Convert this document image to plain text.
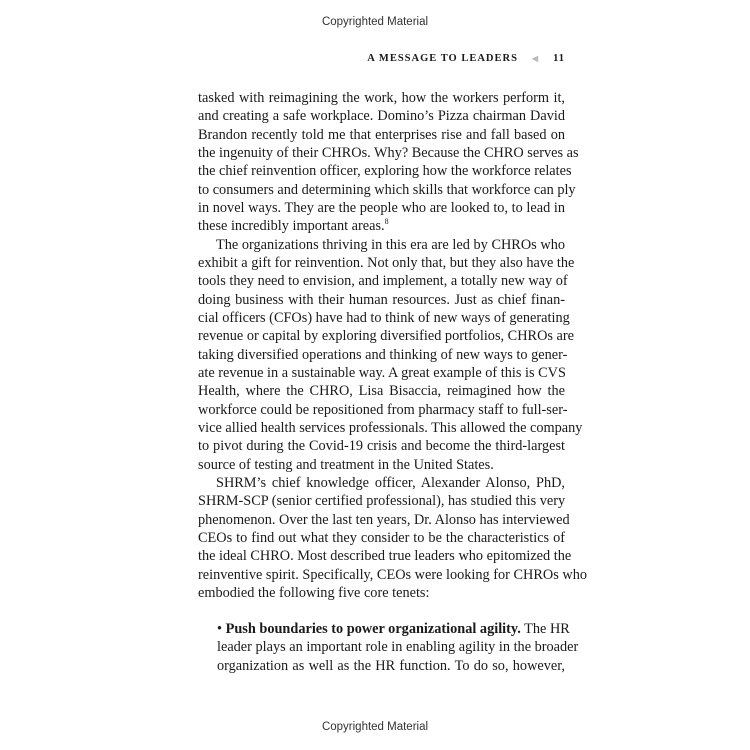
Copyrighted Material
A MESSAGE TO LEADERS ◀ 11
tasked with reimagining the work, how the workers perform it,
and creating a safe workplace. Domino’s Pizza chairman David
Brandon recently told me that enterprises rise and fall based on
the ingenuity of their CHROs. Why? Because the CHRO serves as
the chief reinvention officer, exploring how the workforce relates
to consumers and determining which skills that workforce can ply
in novel ways. They are the people who are looked to, to lead in
these incredibly important areas.$^8$
The organizations thriving in this era are led by CHROs who
exhibit a gift for reinvention. Not only that, but they also have the
tools they need to envision, and implement, a totally new way of
doing business with their human resources. Just as chief finan-
cial officers (CFOs) have had to think of new ways of generating
revenue or capital by exploring diversified portfolios, CHROs are
taking diversified operations and thinking of new ways to gener-
ate revenue in a sustainable way. A great example of this is CVS
Health, where the CHRO, Lisa Bisaccia, reimagined how the
workforce could be repositioned from pharmacy staff to full-ser-
vice allied health services professionals. This allowed the company
to pivot during the Covid-19 crisis and become the third-largest
source of testing and treatment in the United States.
SHRM’s chief knowledge officer, Alexander Alonso, PhD,
SHRM-SCP (senior certified professional), has studied this very
phenomenon. Over the last ten years, Dr. Alonso has interviewed
CEOs to find out what they consider to be the characteristics of
the ideal CHRO. Most described true leaders who epitomized the
reinventive spirit. Specifically, CEOs were looking for CHROs who
embodied the following five core tenets:
• Push boundaries to power organizational agility. The HR
leader plays an important role in enabling agility in the broader
organization as well as the HR function. To do so, however,
Copyrighted Material
